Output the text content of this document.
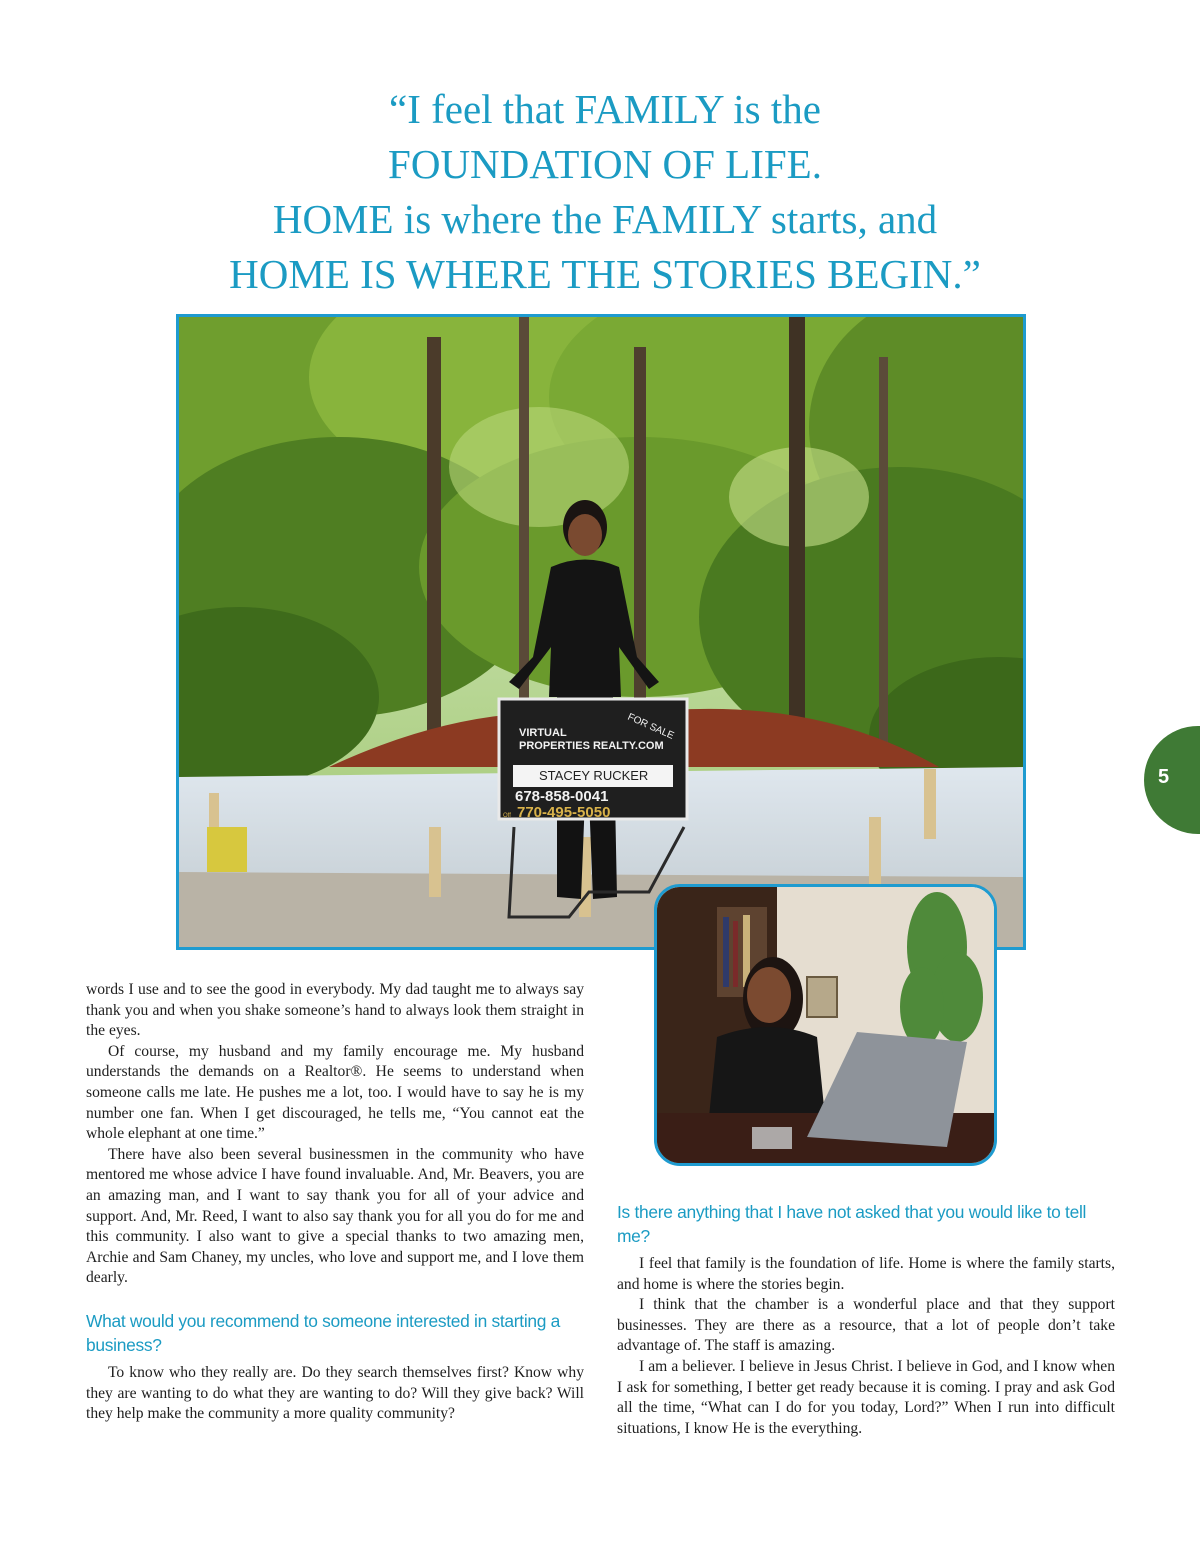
“I feel that FAMILY is the
FOUNDATION OF LIFE.
HOME is where the FAMILY starts, and
HOME IS WHERE THE STORIES BEGIN.”
FOR SALE
VIRTUAL
PROPERTIES REALTY.COM
STACEY RUCKER
678-858-0041
Off 770-495-5050
5

words I use and to see the good in everybody. My dad taught me to always say thank you and when you shake someone’s hand to always look them straight in the eyes.

Of course, my husband and my family encourage me. My husband understands the demands on a Realtor®. He seems to understand when someone calls me late. He pushes me a lot, too. I would have to say he is my number one fan. When I get discouraged, he tells me, “You cannot eat the whole elephant at one time.”

There have also been several businessmen in the community who have mentored me whose advice I have found invaluable. And, Mr. Beavers, you are an amazing man, and I want to say thank you for all of your advice and support. And, Mr. Reed, I want to also say thank you for all you do for me and this community. I also want to give a special thanks to two amazing men, Archie and Sam Chaney, my uncles, who love and support me, and I love them dearly.

What would you recommend to someone interested in starting a business?

To know who they really are. Do they search themselves first? Know why they are wanting to do what they are wanting to do? Will they give back? Will they help make the community a more quality community?

Is there anything that I have not asked that you would like to tell me?

I feel that family is the foundation of life. Home is where the family starts, and home is where the stories begin.

I think that the chamber is a wonderful place and that they support businesses. They are there as a resource, that a lot of people don’t take advantage of. The staff is amazing.

I am a believer. I believe in Jesus Christ. I believe in God, and I know when I ask for something, I better get ready because it is coming. I pray and ask God all the time, “What can I do for you today, Lord?” When I run into difficult situations, I know He is the everything.
